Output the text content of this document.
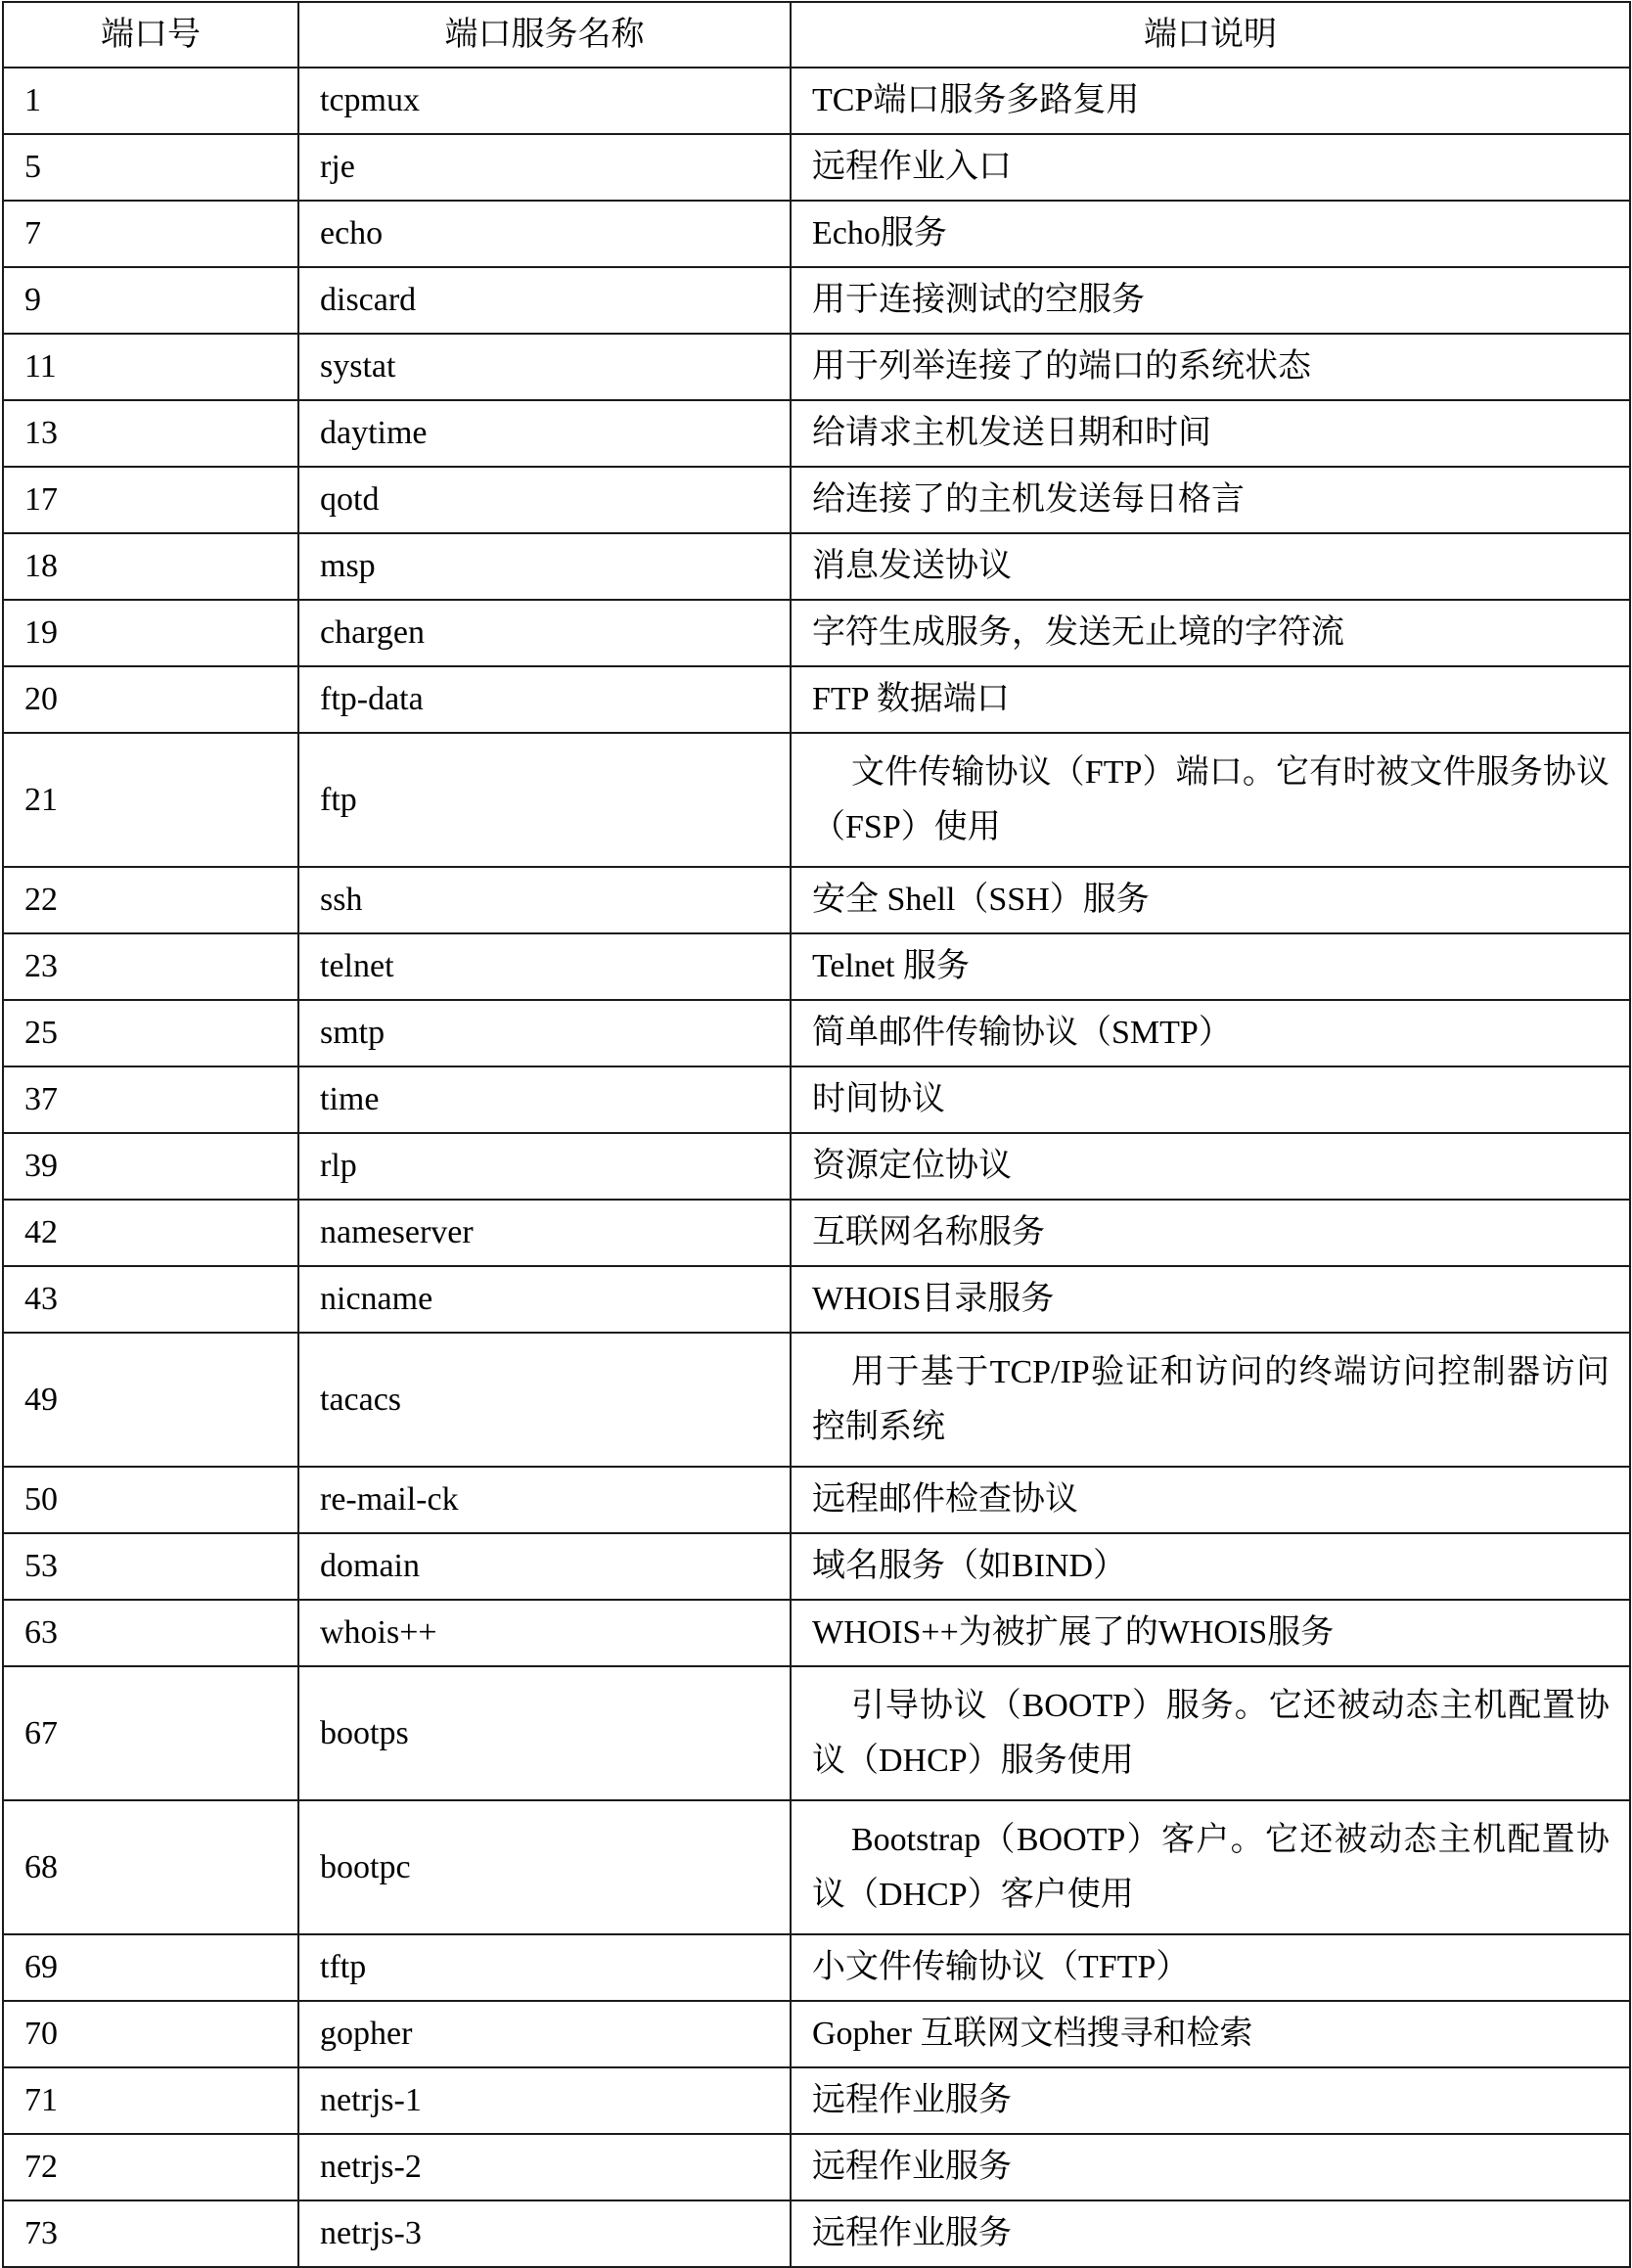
端口号	端口服务名称	端口说明
1	tcpmux	TCP端口服务多路复用
5	rje	远程作业入口
7	echo	Echo服务
9	discard	用于连接测试的空服务
11	systat	用于列举连接了的端口的系统状态
13	daytime	给请求主机发送日期和时间
17	qotd	给连接了的主机发送每日格言
18	msp	消息发送协议
19	chargen	字符生成服务，发送无止境的字符流
20	ftp-data	FTP 数据端口
21	ftp	文件传输协议（FTP）端口。它有时被文件服务协议（FSP）使用
22	ssh	安全 Shell（SSH）服务
23	telnet	Telnet 服务
25	smtp	简单邮件传输协议（SMTP）
37	time	时间协议
39	rlp	资源定位协议
42	nameserver	互联网名称服务
43	nicname	WHOIS目录服务
49	tacacs	用于基于TCP/IP验证和访问的终端访问控制器访问控制系统
50	re-mail-ck	远程邮件检查协议
53	domain	域名服务（如BIND）
63	whois++	WHOIS++为被扩展了的WHOIS服务
67	bootps	引导协议（BOOTP）服务。它还被动态主机配置协议（DHCP）服务使用
68	bootpc	Bootstrap（BOOTP）客户。它还被动态主机配置协议（DHCP）客户使用
69	tftp	小文件传输协议（TFTP）
70	gopher	Gopher 互联网文档搜寻和检索
71	netrjs-1	远程作业服务
72	netrjs-2	远程作业服务
73	netrjs-3	远程作业服务
